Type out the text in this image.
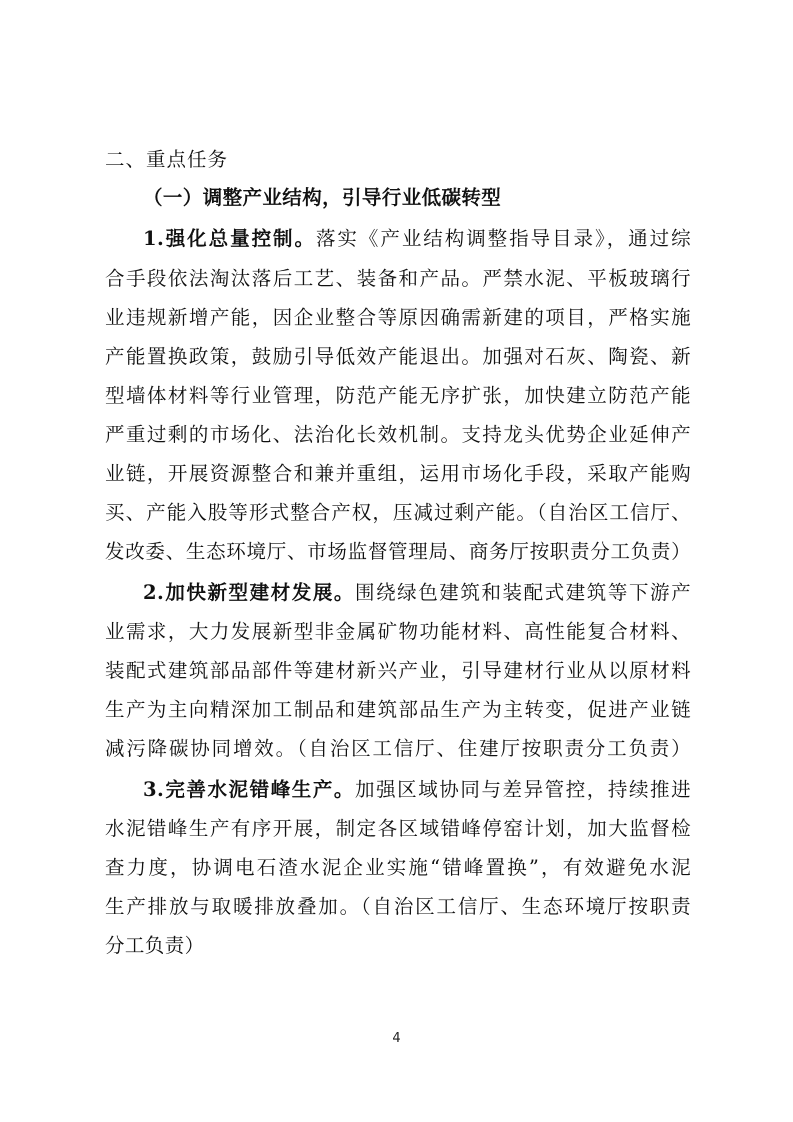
二、重点任务
（一）调整产业结构，引导行业低碳转型
1.强化总量控制。落实《产业结构调整指导目录》，通过综
合手段依法淘汰落后工艺、装备和产品。严禁水泥、平板玻璃行
业违规新增产能，因企业整合等原因确需新建的项目，严格实施
产能置换政策，鼓励引导低效产能退出。加强对石灰、陶瓷、新
型墙体材料等行业管理，防范产能无序扩张，加快建立防范产能
严重过剩的市场化、法治化长效机制。支持龙头优势企业延伸产
业链，开展资源整合和兼并重组，运用市场化手段，采取产能购
买、产能入股等形式整合产权，压减过剩产能。（自治区工信厅、
发改委、生态环境厅、市场监督管理局、商务厅按职责分工负责）
2.加快新型建材发展。围绕绿色建筑和装配式建筑等下游产
业需求，大力发展新型非金属矿物功能材料、高性能复合材料、
装配式建筑部品部件等建材新兴产业，引导建材行业从以原材料
生产为主向精深加工制品和建筑部品生产为主转变，促进产业链
减污降碳协同增效。（自治区工信厅、住建厅按职责分工负责）
3.完善水泥错峰生产。加强区域协同与差异管控，持续推进
水泥错峰生产有序开展，制定各区域错峰停窑计划，加大监督检
查力度，协调电石渣水泥企业实施“错峰置换”，有效避免水泥
生产排放与取暖排放叠加。（自治区工信厅、生态环境厅按职责
分工负责）
4
